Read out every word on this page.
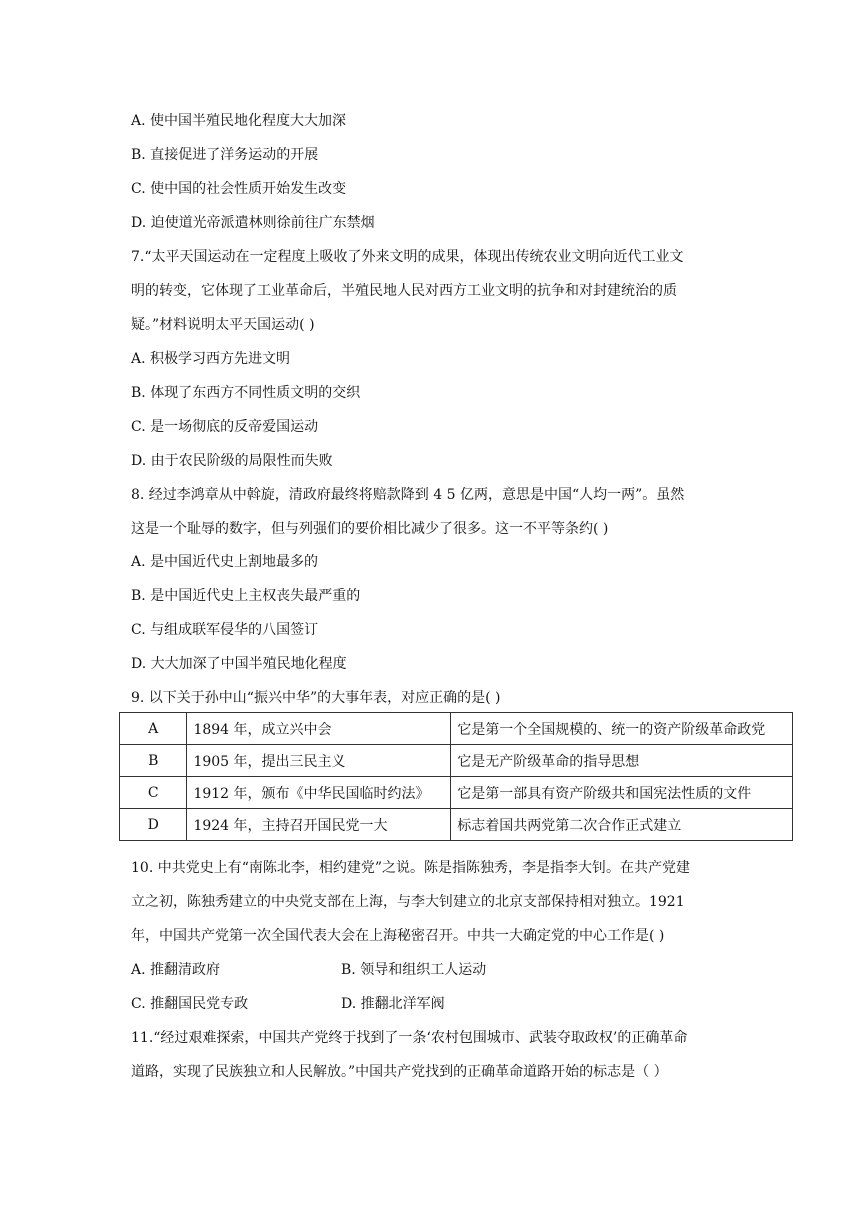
A. 使中国半殖民地化程度大大加深
B. 直接促进了洋务运动的开展
C. 使中国的社会性质开始发生改变
D. 迫使道光帝派遣林则徐前往广东禁烟
7.“太平天国运动在一定程度上吸收了外来文明的成果，体现出传统农业文明向近代工业文
明的转变，它体现了工业革命后，半殖民地人民对西方工业文明的抗争和对封建统治的质
疑。”材料说明太平天国运动( )
A. 积极学习西方先进文明
B. 体现了东西方不同性质文明的交织
C. 是一场彻底的反帝爱国运动
D. 由于农民阶级的局限性而失败
8. 经过李鸿章从中斡旋，清政府最终将赔款降到 4 5 亿两，意思是中国“人均一两”。虽然
这是一个耻辱的数字，但与列强们的要价相比减少了很多。这一不平等条约( )
A. 是中国近代史上割地最多的
B. 是中国近代史上主权丧失最严重的
C. 与组成联军侵华的八国签订
D. 大大加深了中国半殖民地化程度
9. 以下关于孙中山“振兴中华”的大事年表，对应正确的是( )
A	1894 年，成立兴中会	它是第一个全国规模的、统一的资产阶级革命政党
B	1905 年，提出三民主义	它是无产阶级革命的指导思想
C	1912 年，颁布《中华民国临时约法》	它是第一部具有资产阶级共和国宪法性质的文件
D	1924 年，主持召开国民党一大	标志着国共两党第二次合作正式建立
10. 中共党史上有“南陈北李，相约建党”之说。陈是指陈独秀，李是指李大钊。在共产党建
立之初，陈独秀建立的中央党支部在上海，与李大钊建立的北京支部保持相对独立。1921
年，中国共产党第一次全国代表大会在上海秘密召开。中共一大确定党的中心工作是( )
A. 推翻清政府	B. 领导和组织工人运动
C. 推翻国民党专政	D. 推翻北洋军阀
11.“经过艰难探索，中国共产党终于找到了一条‘农村包围城市、武装夺取政权’的正确革命
道路，实现了民族独立和人民解放。”中国共产党找到的正确革命道路开始的标志是（ ）
